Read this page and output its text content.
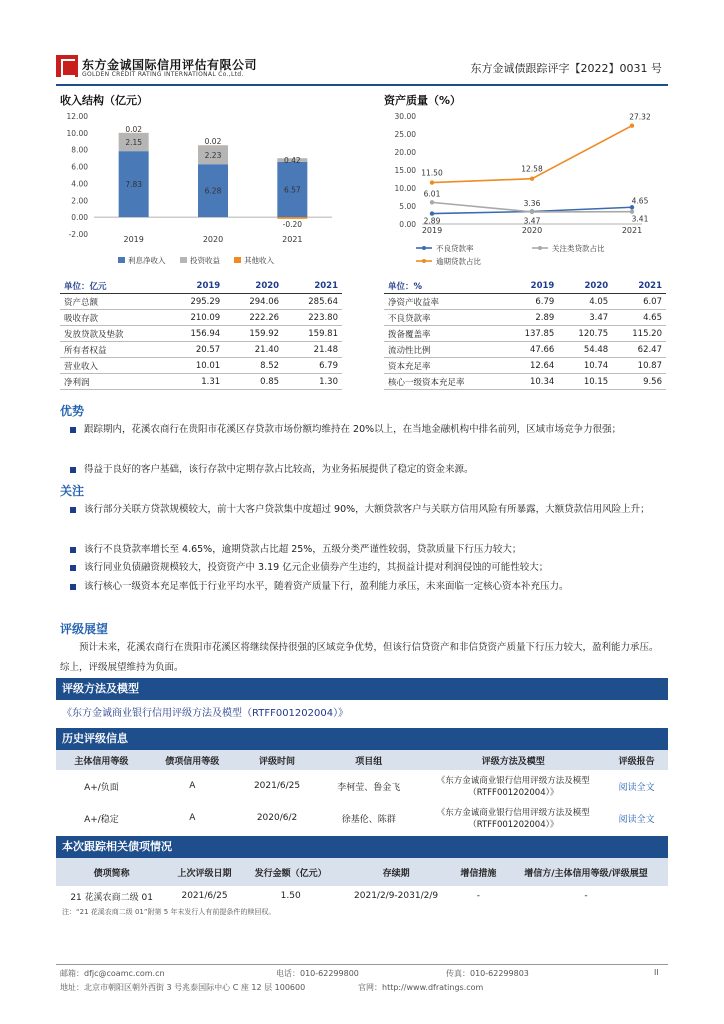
东方金诚国际信用评估有限公司
GOLDEN CREDIT RATING INTERNATIONAL Co.,Ltd.	东方金诚债跟踪评字【2022】0031 号
收入结构（亿元）	资产质量（%）
-2.00
0.00
2.00
4.00
6.00
8.00
10.00
12.00
7.83
2.15
0.02
2019
6.28
2.23
0.02
2020
6.57
0.42
-0.20
2021
利息净收入	投资收益	其他收入
0.00
5.00
10.00
15.00
20.00
25.00
30.00
2.89	3.47
4.65
6.01
3.36
3.41
11.50	12.58
27.32
2019	2020	2021
不良贷款率	关注类贷款占比
逾期贷款占比
单位：亿元	2019	2020	2021
资产总额	295.29	294.06	285.64
吸收存款	210.09	222.26	223.80
发放贷款及垫款	156.94	159.92	159.81
所有者权益	20.57	21.40	21.48
营业收入	10.01	8.52	6.79
净利润	1.31	0.85	1.30
单位：%	2019	2020	2021
净资产收益率	6.79	4.05	6.07
不良贷款率	2.89	3.47	4.65
拨备覆盖率	137.85	120.75	115.20
流动性比例	47.66	54.48	62.47
资本充足率	12.64	10.74	10.87
核心一级资本充足率	10.34	10.15	9.56
优势
跟踪期内，花溪农商行在贵阳市花溪区存贷款市场份额均维持在 20%以上，在当地金融机构中排名前列，区域市场竞争力很强；
得益于良好的客户基础，该行存款中定期存款占比较高，为业务拓展提供了稳定的资金来源。
关注
该行部分关联方贷款规模较大，前十大客户贷款集中度超过 90%，大额贷款客户与关联方信用风险有所暴露，大额贷款信用风险上升；
该行不良贷款率增长至 4.65%，逾期贷款占比超 25%，五级分类严谨性较弱，贷款质量下行压力较大；
该行同业负债融资规模较大，投资资产中 3.19 亿元企业债券产生违约，其损益计提对利润侵蚀的可能性较大；
该行核心一级资本充足率低于行业平均水平，随着资产质量下行，盈利能力承压，未来面临一定核心资本补充压力。
评级展望
预计未来，花溪农商行在贵阳市花溪区将继续保持很强的区域竞争优势，但该行信贷资产和非信贷资产质量下行压力较大，盈利能力承压。综上，评级展望维持为负面。
评级方法及模型
《东方金诚商业银行信用评级方法及模型（RTFF001202004）》
历史评级信息
主体信用等级	债项信用等级	评级时间	项目组	评级方法及模型	评级报告
A+/负面	A	2021/6/25	李柯莹、鲁金飞	《东方金诚商业银行信用评级方法及模型（RTFF001202004）》	阅读全文
A+/稳定	A	2020/6/2	徐基伦、陈群	《东方金诚商业银行信用评级方法及模型（RTFF001202004）》	阅读全文
本次跟踪相关债项情况
债项简称	上次评级日期	发行金额（亿元）	存续期	增信措施	增信方/主体信用等级/评级展望
21 花溪农商二级 01	2021/6/25	1.50	2021/2/9-2031/2/9	-	-
注：“21 花溪农商二级 01”附第 5 年末发行人有前提条件的赎回权。
邮箱：dfjc@coamc.com.cn	电话：010-62299800	传真：010-62299803
地址：北京市朝阳区朝外西街 3 号兆泰国际中心 C 座 12 层 100600	官网：http://www.dfratings.com
II
